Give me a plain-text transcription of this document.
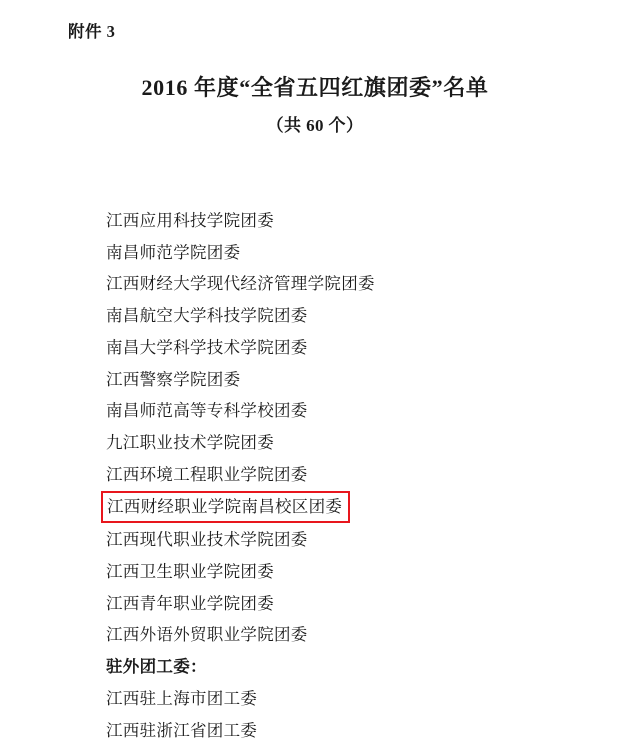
附件 3
2016 年度“全省五四红旗团委”名单
（共 60 个）
江西应用科技学院团委
南昌师范学院团委
江西财经大学现代经济管理学院团委
南昌航空大学科技学院团委
南昌大学科学技术学院团委
江西警察学院团委
南昌师范高等专科学校团委
九江职业技术学院团委
江西环境工程职业学院团委
江西财经职业学院南昌校区团委
江西现代职业技术学院团委
江西卫生职业学院团委
江西青年职业学院团委
江西外语外贸职业学院团委
驻外团工委：
江西驻上海市团工委
江西驻浙江省团工委
